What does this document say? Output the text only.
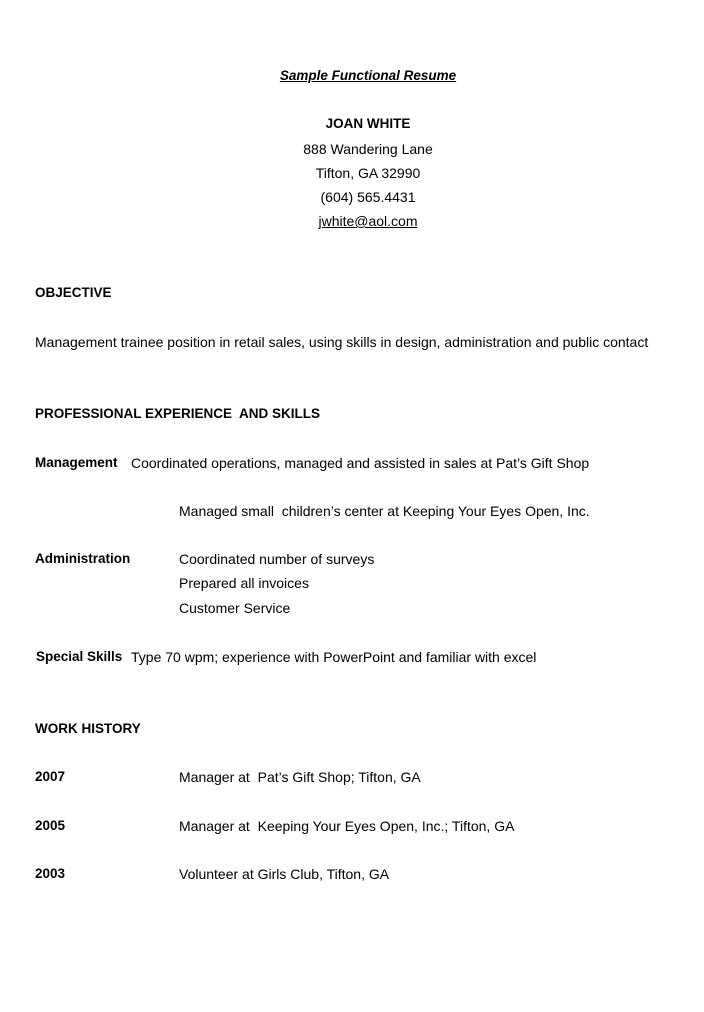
Sample Functional Resume
JOAN WHITE
888 Wandering Lane
Tifton, GA 32990
(604) 565.4431
jwhite@aol.com
OBJECTIVE
Management trainee position in retail sales, using skills in design, administration and public contact
PROFESSIONAL EXPERIENCE  AND SKILLS
Management Coordinated operations, managed and assisted in sales at Pat’s Gift Shop
Managed small  children’s center at Keeping Your Eyes Open, Inc.
Administration	Coordinated number of surveys
Prepared all invoices
Customer Service
Special Skills Type 70 wpm; experience with PowerPoint and familiar with excel
WORK HISTORY
2007	Manager at  Pat’s Gift Shop; Tifton, GA
2005	Manager at  Keeping Your Eyes Open, Inc.; Tifton, GA
2003	Volunteer at Girls Club, Tifton, GA
